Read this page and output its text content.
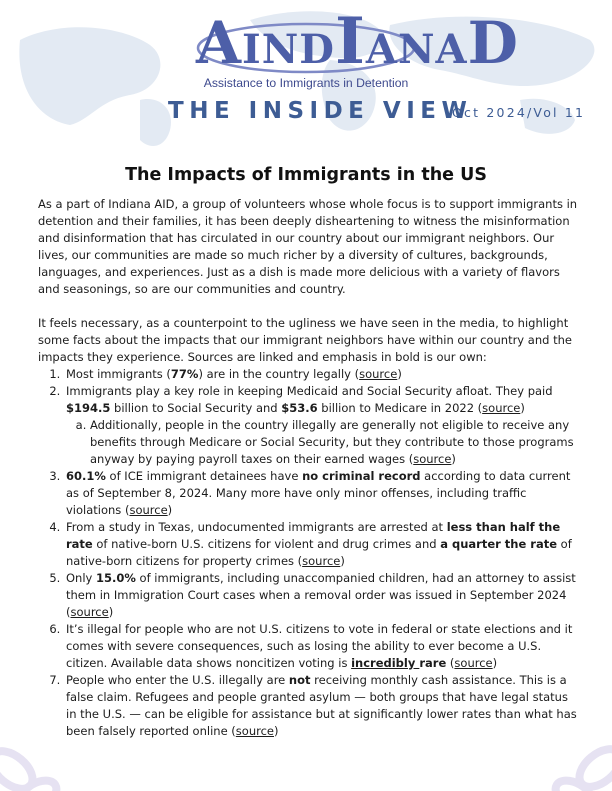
AINDIANAD
Assistance to Immigrants in Detention
THE INSIDE VIEW
Oct 2024/Vol 11
The Impacts of Immigrants in the US

As a part of Indiana AID, a group of volunteers whose whole focus is to support immigrants in detention and their families, it has been deeply disheartening to witness the misinformation and disinformation that has circulated in our country about our immigrant neighbors. Our lives, our communities are made so much richer by a diversity of cultures, backgrounds, languages, and experiences. Just as a dish is made more delicious with a variety of flavors and seasonings, so are our communities and country.

It feels necessary, as a counterpoint to the ugliness we have seen in the media, to highlight some facts about the impacts that our immigrant neighbors have within our country and the impacts they experience. Sources are linked and emphasis in bold is our own:

1. Most immigrants (77%) are in the country legally (source)
2. Immigrants play a key role in keeping Medicaid and Social Security afloat. They paid $194.5 billion to Social Security and $53.6 billion to Medicare in 2022 (source)
a. Additionally, people in the country illegally are generally not eligible to receive any benefits through Medicare or Social Security, but they contribute to those programs anyway by paying payroll taxes on their earned wages (source)
3. 60.1% of ICE immigrant detainees have no criminal record according to data current as of September 8, 2024. Many more have only minor offenses, including traffic violations (source)
4. From a study in Texas, undocumented immigrants are arrested at less than half the rate of native-born U.S. citizens for violent and drug crimes and a quarter the rate of native-born citizens for property crimes (source)
5. Only 15.0% of immigrants, including unaccompanied children, had an attorney to assist them in Immigration Court cases when a removal order was issued in September 2024 (source)
6. It’s illegal for people who are not U.S. citizens to vote in federal or state elections and it comes with severe consequences, such as losing the ability to ever become a U.S. citizen. Available data shows noncitizen voting is incredibly rare (source)
7. People who enter the U.S. illegally are not receiving monthly cash assistance. This is a false claim. Refugees and people granted asylum — both groups that have legal status in the U.S. — can be eligible for assistance but at significantly lower rates than what has been falsely reported online (source)
